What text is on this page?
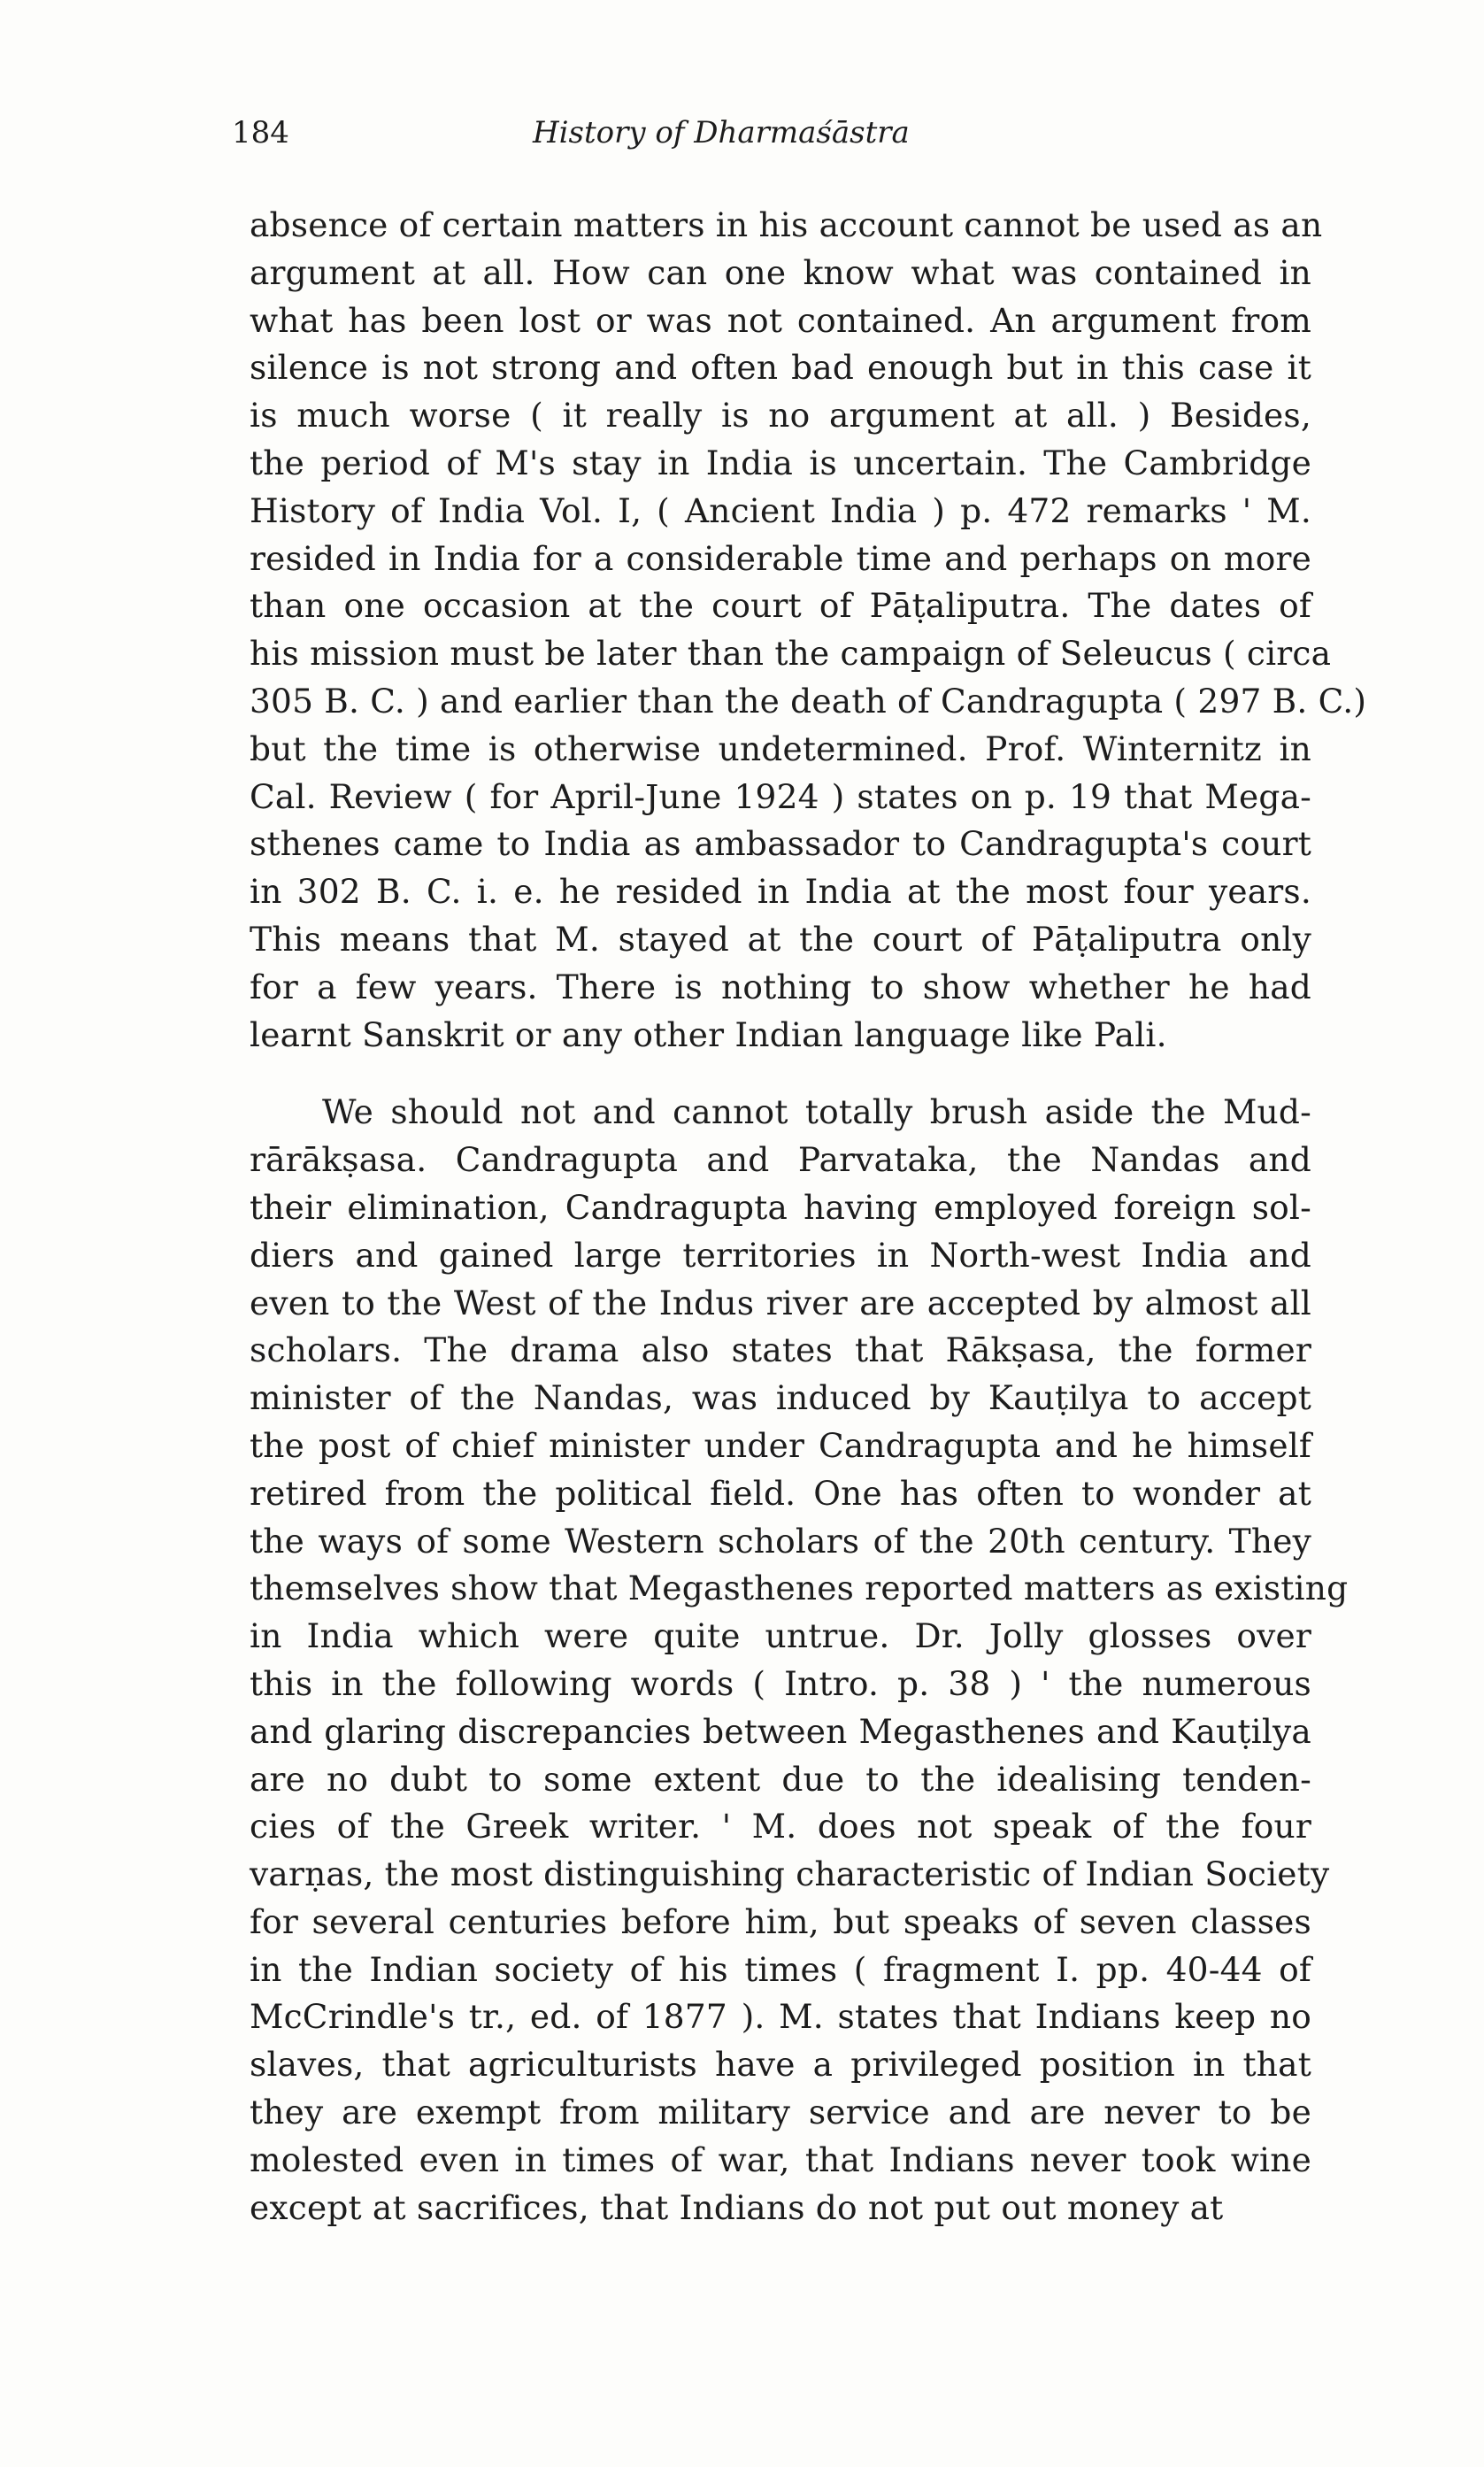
184	History of Dharmaśāstra

absence of certain matters in his account cannot be used as an
argument at all. How can one know what was contained in
what has been lost or was not contained. An argument from
silence is not strong and often bad enough but in this case it
is much worse ( it really is no argument at all. ) Besides,
the period of M's stay in India is uncertain. The Cambridge
History of India Vol. I, ( Ancient India ) p. 472 remarks ' M.
resided in India for a considerable time and perhaps on more
than one occasion at the court of Pāṭaliputra. The dates of
his mission must be later than the campaign of Seleucus ( circa
305 B. C. ) and earlier than the death of Candragupta ( 297 B. C.)
but the time is otherwise undetermined. Prof. Winternitz in
Cal. Review ( for April-June 1924 ) states on p. 19 that Mega-
sthenes came to India as ambassador to Candragupta's court
in 302 B. C. i. e. he resided in India at the most four years.
This means that M. stayed at the court of Pāṭaliputra only
for a few years. There is nothing to show whether he had
learnt Sanskrit or any other Indian language like Pali.

We should not and cannot totally brush aside the Mud-
rārākṣasa. Candragupta and Parvataka, the Nandas and
their elimination, Candragupta having employed foreign sol-
diers and gained large territories in North-west India and
even to the West of the Indus river are accepted by almost all
scholars. The drama also states that Rākṣasa, the former
minister of the Nandas, was induced by Kauṭilya to accept
the post of chief minister under Candragupta and he himself
retired from the political field. One has often to wonder at
the ways of some Western scholars of the 20th century. They
themselves show that Megasthenes reported matters as existing
in India which were quite untrue. Dr. Jolly glosses over
this in the following words ( Intro. p. 38 ) ' the numerous
and glaring discrepancies between Megasthenes and Kauṭilya
are no dubt to some extent due to the idealising tenden-
cies of the Greek writer. ' M. does not speak of the four
varṇas, the most distinguishing characteristic of Indian Society
for several centuries before him, but speaks of seven classes
in the Indian society of his times ( fragment I. pp. 40-44 of
McCrindle's tr., ed. of 1877 ). M. states that Indians keep no
slaves, that agriculturists have a privileged position in that
they are exempt from military service and are never to be
molested even in times of war, that Indians never took wine
except at sacrifices, that Indians do not put out money at
